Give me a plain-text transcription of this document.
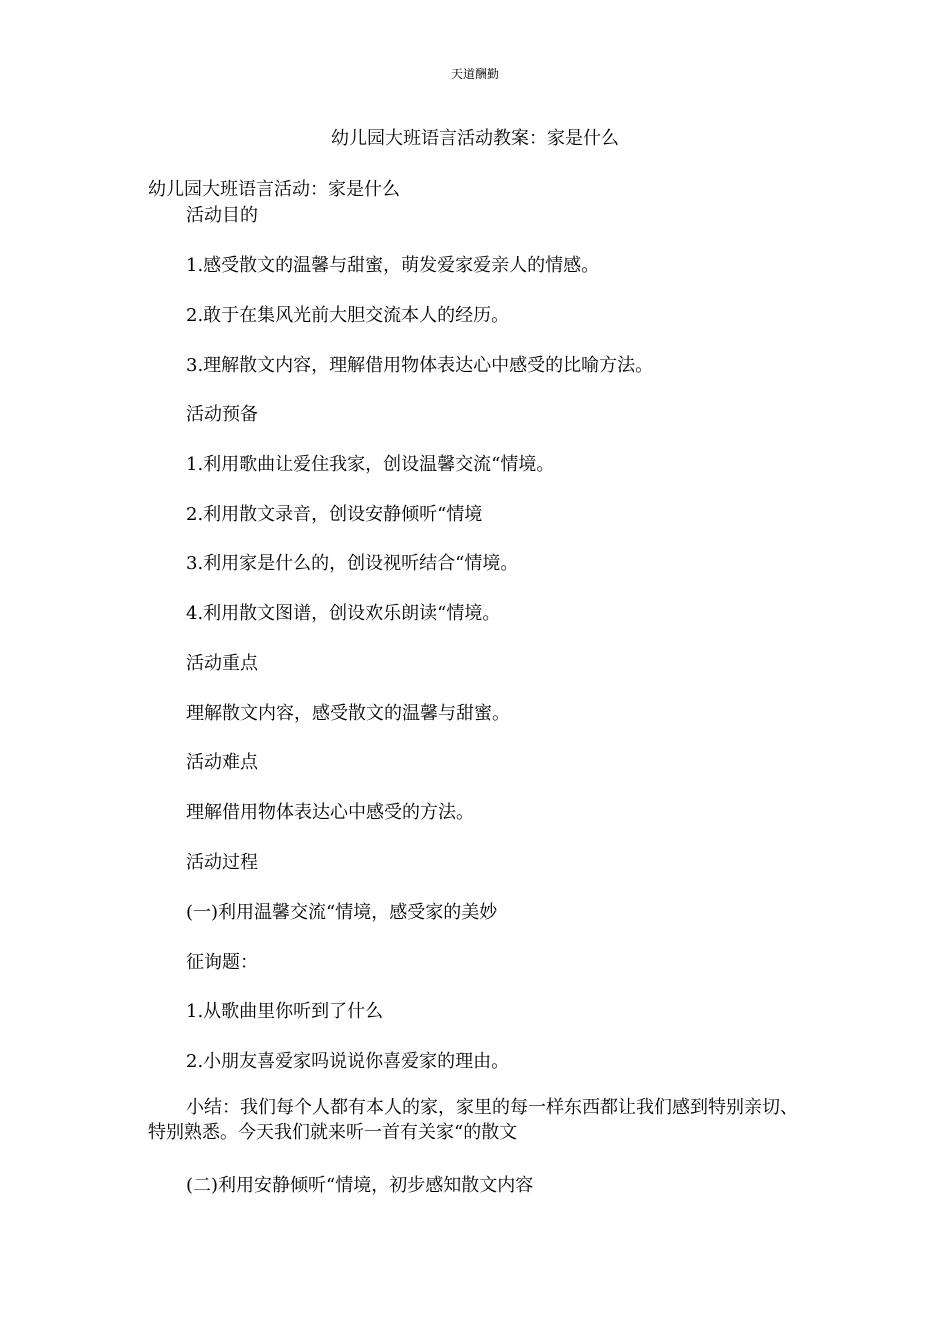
天道酬勤
幼儿园大班语言活动教案：家是什么
幼儿园大班语言活动：家是什么
活动目的
1.感受散文的温馨与甜蜜，萌发爱家爱亲人的情感。
2.敢于在集风光前大胆交流本人的经历。
3.理解散文内容，理解借用物体表达心中感受的比喻方法。
活动预备
1.利用歌曲让爱住我家，创设温馨交流“情境。
2.利用散文录音，创设安静倾听“情境
3.利用家是什么的，创设视听结合“情境。
4.利用散文图谱，创设欢乐朗读“情境。
活动重点
理解散文内容，感受散文的温馨与甜蜜。
活动难点
理解借用物体表达心中感受的方法。
活动过程
(一)利用温馨交流“情境，感受家的美妙
征询题：
1.从歌曲里你听到了什么
2.小朋友喜爱家吗说说你喜爱家的理由。
小结：我们每个人都有本人的家，家里的每一样东西都让我们感到特别亲切、特别熟悉。今天我们就来听一首有关家“的散文
(二)利用安静倾听“情境，初步感知散文内容
